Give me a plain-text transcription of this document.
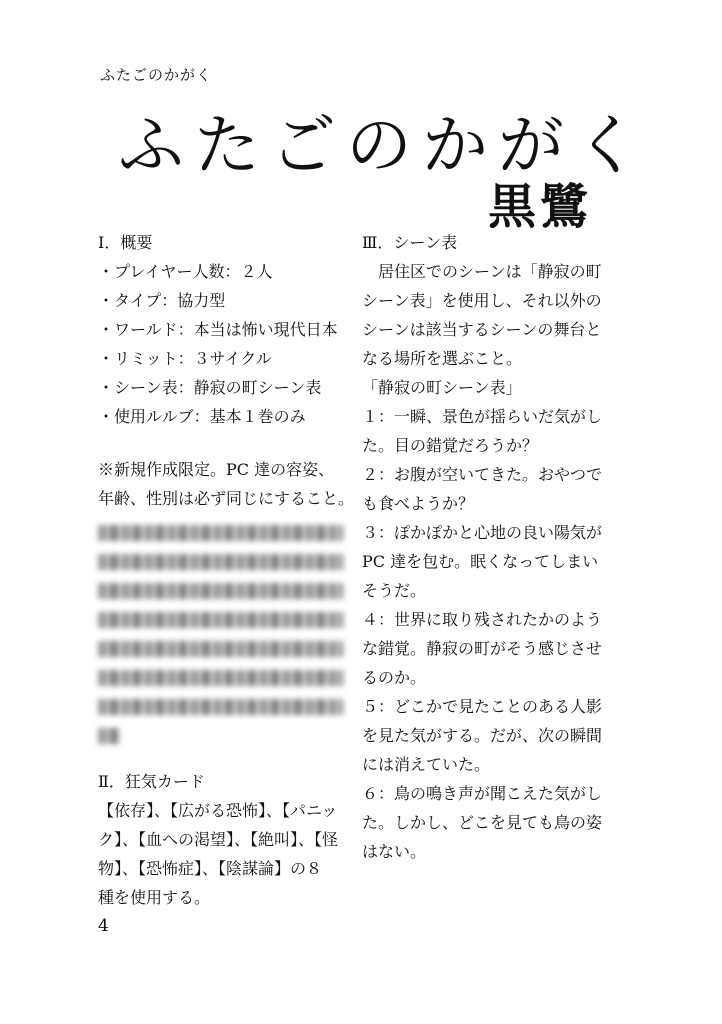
ふたごのかがく
ふたごのかがく
黒鷺
Ⅰ．概要
・プレイヤー人数：２人
・タイプ：協力型
・ワールド：本当は怖い現代日本
・リミット：３サイクル
・シーン表：静寂の町シーン表
・使用ルルブ：基本１巻のみ
※新規作成限定。PC 達の容姿、
年齢、性別は必ず同じにすること。
Ⅱ．狂気カード
【依存】、【広がる恐怖】、【パニッ
ク】、【血への渇望】、【絶叫】、【怪
物】、【恐怖症】、【陰謀論】の８
種を使用する。
Ⅲ．シーン表
居住区でのシーンは「静寂の町
シーン表」を使用し、それ以外の
シーンは該当するシーンの舞台と
なる場所を選ぶこと。
「静寂の町シーン表」
１：一瞬、景色が揺らいだ気がし
た。目の錯覚だろうか？
２：お腹が空いてきた。おやつで
も食べようか？
３：ぽかぽかと心地の良い陽気が
PC 達を包む。眠くなってしまい
そうだ。
４：世界に取り残されたかのよう
な錯覚。静寂の町がそう感じさせ
るのか。
５：どこかで見たことのある人影
を見た気がする。だが、次の瞬間
には消えていた。
６：鳥の鳴き声が聞こえた気がし
た。しかし、どこを見ても鳥の姿
はない。
4
